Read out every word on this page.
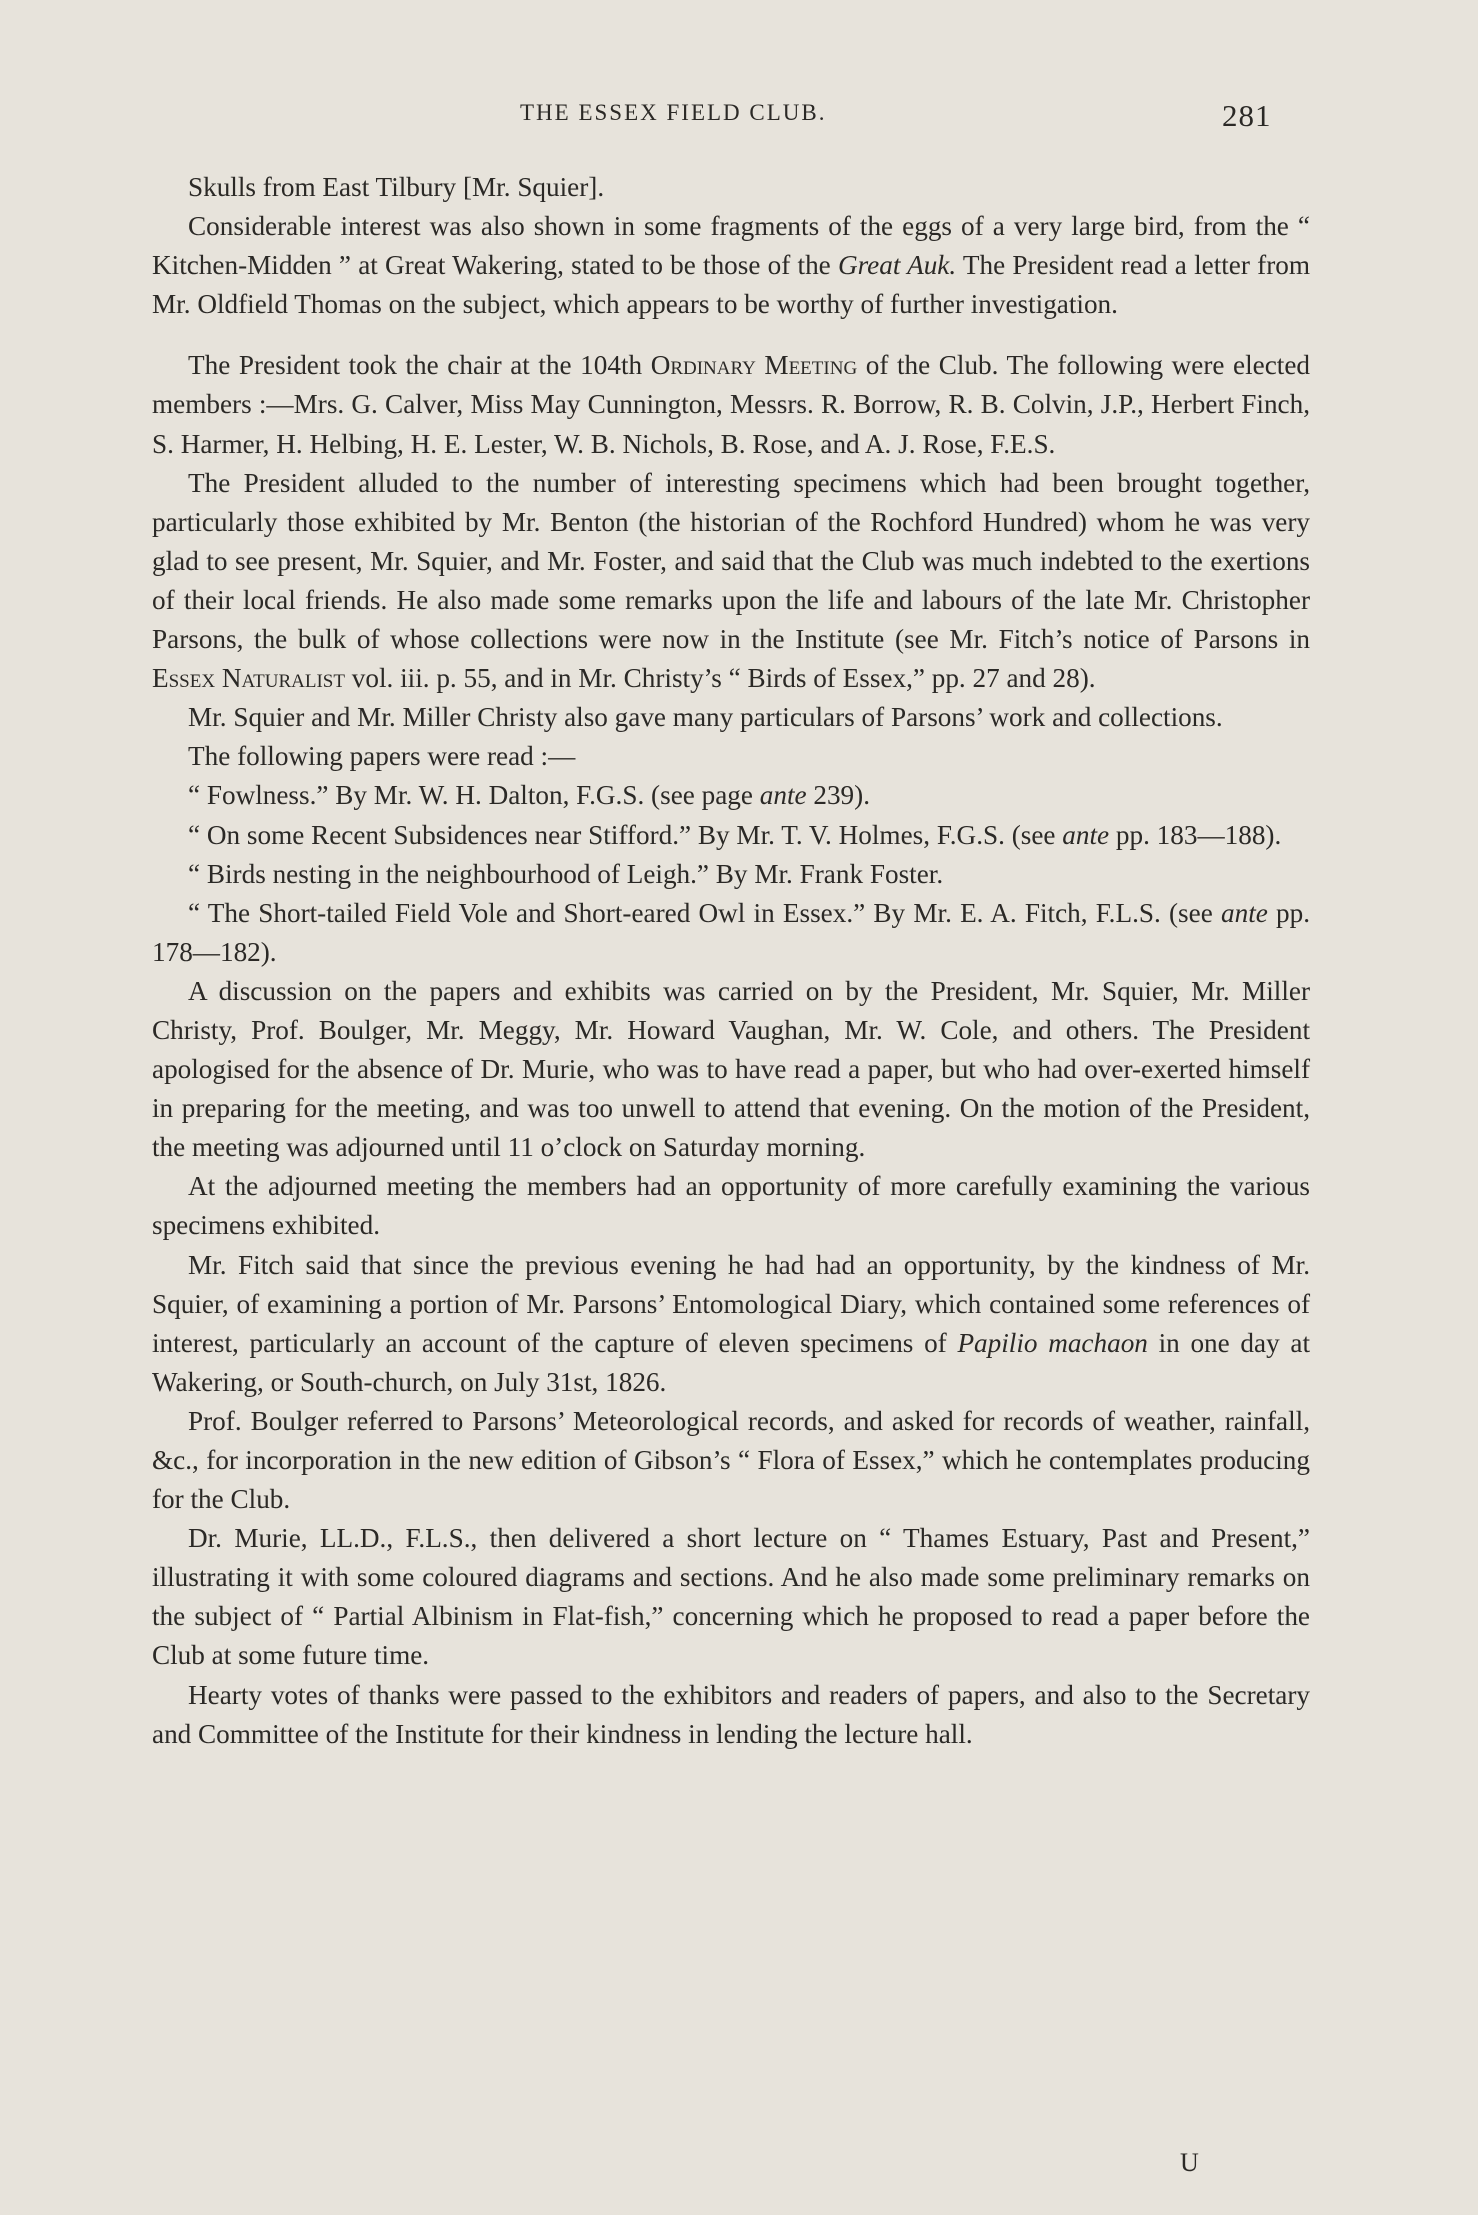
THE ESSEX FIELD CLUB.	281

Skulls from East Tilbury [Mr. Squier].

Considerable interest was also shown in some fragments of the eggs of a very large bird, from the “ Kitchen-Midden ” at Great Wakering, stated to be those of the Great Auk. The President read a letter from Mr. Oldfield Thomas on the subject, which appears to be worthy of further investigation.

The President took the chair at the 104th Ordinary Meeting of the Club. The following were elected members :—Mrs. G. Calver, Miss May Cunnington, Messrs. R. Borrow, R. B. Colvin, J.P., Herbert Finch, S. Harmer, H. Helbing, H. E. Lester, W. B. Nichols, B. Rose, and A. J. Rose, F.E.S.

The President alluded to the number of interesting specimens which had been brought together, particularly those exhibited by Mr. Benton (the historian of the Rochford Hundred) whom he was very glad to see present, Mr. Squier, and Mr. Foster, and said that the Club was much indebted to the exertions of their local friends. He also made some remarks upon the life and labours of the late Mr. Christopher Parsons, the bulk of whose collections were now in the Institute (see Mr. Fitch’s notice of Parsons in Essex Naturalist vol. iii. p. 55, and in Mr. Christy’s “ Birds of Essex,” pp. 27 and 28).

Mr. Squier and Mr. Miller Christy also gave many particulars of Parsons’ work and collections.

The following papers were read :—

“ Fowlness.” By Mr. W. H. Dalton, F.G.S. (see page ante 239).

“ On some Recent Subsidences near Stifford.” By Mr. T. V. Holmes, F.G.S. (see ante pp. 183—188).

“ Birds nesting in the neighbourhood of Leigh.” By Mr. Frank Foster.

“ The Short-tailed Field Vole and Short-eared Owl in Essex.” By Mr. E. A. Fitch, F.L.S. (see ante pp. 178—182).

A discussion on the papers and exhibits was carried on by the President, Mr. Squier, Mr. Miller Christy, Prof. Boulger, Mr. Meggy, Mr. Howard Vaughan, Mr. W. Cole, and others. The President apologised for the absence of Dr. Murie, who was to have read a paper, but who had over-exerted himself in preparing for the meeting, and was too unwell to attend that evening. On the motion of the President, the meeting was adjourned until 11 o’clock on Saturday morning.

At the adjourned meeting the members had an opportunity of more carefully examining the various specimens exhibited.

Mr. Fitch said that since the previous evening he had had an opportunity, by the kindness of Mr. Squier, of examining a portion of Mr. Parsons’ Entomological Diary, which contained some references of interest, particularly an account of the capture of eleven specimens of Papilio machaon in one day at Wakering, or South-church, on July 31st, 1826.

Prof. Boulger referred to Parsons’ Meteorological records, and asked for records of weather, rainfall, &c., for incorporation in the new edition of Gibson’s “ Flora of Essex,” which he contemplates producing for the Club.

Dr. Murie, LL.D., F.L.S., then delivered a short lecture on “ Thames Estuary, Past and Present,” illustrating it with some coloured diagrams and sections. And he also made some preliminary remarks on the subject of “ Partial Albinism in Flat-fish,” concerning which he proposed to read a paper before the Club at some future time.

Hearty votes of thanks were passed to the exhibitors and readers of papers, and also to the Secretary and Committee of the Institute for their kindness in lending the lecture hall.

U
